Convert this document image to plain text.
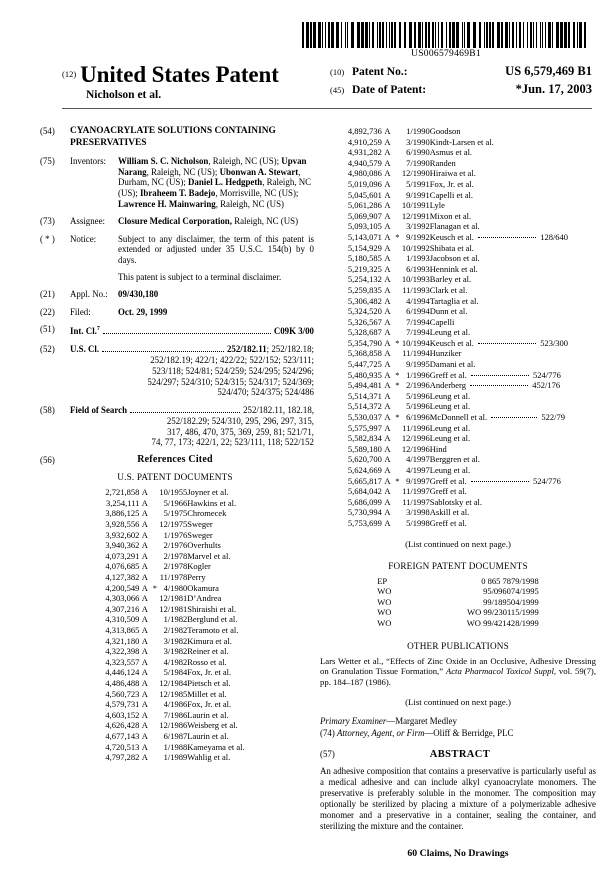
US006579469B1
$^{(12)}$ United States Patent
Nicholson et al.
(10) Patent No.:	US 6,579,469 B1
(45) Date of Patent:	*Jun. 17, 2003
(54)	CYANOACRYLATE SOLUTIONS CONTAINING PRESERVATIVES
(75)	Inventors:	William S. C. Nicholson, Raleigh, NC (US); Upvan Narang, Raleigh, NC (US); Ubonwan A. Stewart, Durham, NC (US); Daniel L. Hedgpeth, Raleigh, NC (US); Ibraheem T. Badejo, Morrisville, NC (US); Lawrence H. Mainwaring, Raleigh, NC (US)
(73)	Assignee:	Closure Medical Corporation, Raleigh, NC (US)
( * )	Notice:	Subject to any disclaimer, the term of this patent is extended or adjusted under 35 U.S.C. 154(b) by 0 days.
This patent is subject to a terminal disclaimer.
(21)	Appl. No.:	09/430,180
(22)	Filed:	Oct. 29, 1999
(51)	Int. Cl.$^7$	C09K 3/00
(52)	U.S. Cl.	252/182.11; 252/182.18;
252/182.19; 422/1; 422/22; 522/152; 523/111;
523/118; 524/81; 524/259; 524/295; 524/296;
524/297; 524/310; 524/315; 524/317; 524/369;
524/470; 524/375; 524/486
(58)	Field of Search	252/182.11, 182.18,
252/182.29; 524/310, 295, 296, 297, 315,
317, 486, 470, 375, 369, 259, 81; 521/71,
74, 77, 173; 422/1, 22; 523/111, 118; 522/152
(56)	References Cited
U.S. PATENT DOCUMENTS
2,721,858	A		10/1955	Joyner et al.
3,254,111	A		5/1966	Hawkins et al.
3,886,125	A		5/1975	Chromecek
3,928,556	A		12/1975	Sweger
3,932,602	A		1/1976	Sweger
3,940,362	A		2/1976	Overhults
4,073,291	A		2/1978	Marvel et al.
4,076,685	A		2/1978	Kogler
4,127,382	A		11/1978	Perry
4,200,549	A	*	4/1980	Okamura
4,303,066	A		12/1981	D’Andrea
4,307,216	A		12/1981	Shiraishi et al.
4,310,509	A		1/1982	Berglund et al.
4,313,865	A		2/1982	Teramoto et al.
4,321,180	A		3/1982	Kimura et al.
4,322,398	A		3/1982	Reiner et al.
4,323,557	A		4/1982	Rosso et al.
4,446,124	A		5/1984	Fox, Jr. et al.
4,486,488	A		12/1984	Pietsch et al.
4,560,723	A		12/1985	Millet et al.
4,579,731	A		4/1986	Fox, Jr. et al.
4,603,152	A		7/1986	Laurin et al.
4,626,428	A		12/1986	Weisberg et al.
4,677,143	A		6/1987	Laurin et al.
4,720,513	A		1/1988	Kameyama et al.
4,797,282	A		1/1989	Wahlig et al.
4,892,736	A		1/1990	Goodson
4,910,259	A		3/1990	Kindt-Larsen et al.
4,931,282	A		6/1990	Asmus et al.
4,940,579	A		7/1990	Randen
4,980,086	A		12/1990	Hiraiwa et al.
5,019,096	A		5/1991	Fox, Jr. et al.
5,045,601	A		9/1991	Capelli et al.
5,061,286	A		10/1991	Lyle
5,069,907	A		12/1991	Mixon et al.
5,093,105	A		3/1992	Flanagan et al.
5,143,071	A	*	9/1992	Keusch et al. 128/640
5,154,929	A		10/1992	Shibata et al.
5,180,585	A		1/1993	Jacobson et al.
5,219,325	A		6/1993	Hennink et al.
5,254,132	A		10/1993	Barley et al.
5,259,835	A		11/1993	Clark et al.
5,306,482	A		4/1994	Tartaglia et al.
5,324,520	A		6/1994	Dunn et al.
5,326,567	A		7/1994	Capelli
5,328,687	A		7/1994	Leung et al.
5,354,790	A	*	10/1994	Keusch et al. 523/300
5,368,858	A		11/1994	Hunziker
5,447,725	A		9/1995	Damani et al.
5,480,935	A	*	1/1996	Greff et al. 524/776
5,494,481	A	*	2/1996	Anderberg 452/176
5,514,371	A		5/1996	Leung et al.
5,514,372	A		5/1996	Leung et al.
5,530,037	A	*	6/1996	McDonnell et al. 522/79
5,575,997	A		11/1996	Leung et al.
5,582,834	A		12/1996	Leung et al.
5,589,180	A		12/1996	Hind
5,620,700	A		4/1997	Berggren et al.
5,624,669	A		4/1997	Leung et al.
5,665,817	A	*	9/1997	Greff et al. 524/776
5,684,042	A		11/1997	Greff et al.
5,686,099	A		11/1997	Sablotsky et al.
5,730,994	A		3/1998	Askill et al.
5,753,699	A		5/1998	Greff et al.
(List continued on next page.)
FOREIGN PATENT DOCUMENTS
EP	0 865 787	9/1998
WO	95/09607	4/1995
WO	99/18950	4/1999
WO	WO 99/23011	5/1999
WO	WO 99/42142	8/1999
OTHER PUBLICATIONS
Lars Wetter et al., “Effects of Zinc Oxide in an Occlusive, Adhesive Dressing on Granulation Tissue Formation,” Acta Pharmacol Toxicol Suppl, vol. 59(7), pp. 184–187 (1986).
(List continued on next page.)
Primary Examiner—Margaret Medley
(74) Attorney, Agent, or Firm—Oliff & Berridge, PLC
(57)	ABSTRACT
An adhesive composition that contains a preservative is particularly useful as a medical adhesive and can include alkyl cyanoacrylate monomers. The preservative is preferably soluble in the monomer. The composition may optionally be sterilized by placing a mixture of a polymerizable adhesive monomer and a preservative in a container, sealing the container, and sterilizing the mixture and the container.
60 Claims, No Drawings
